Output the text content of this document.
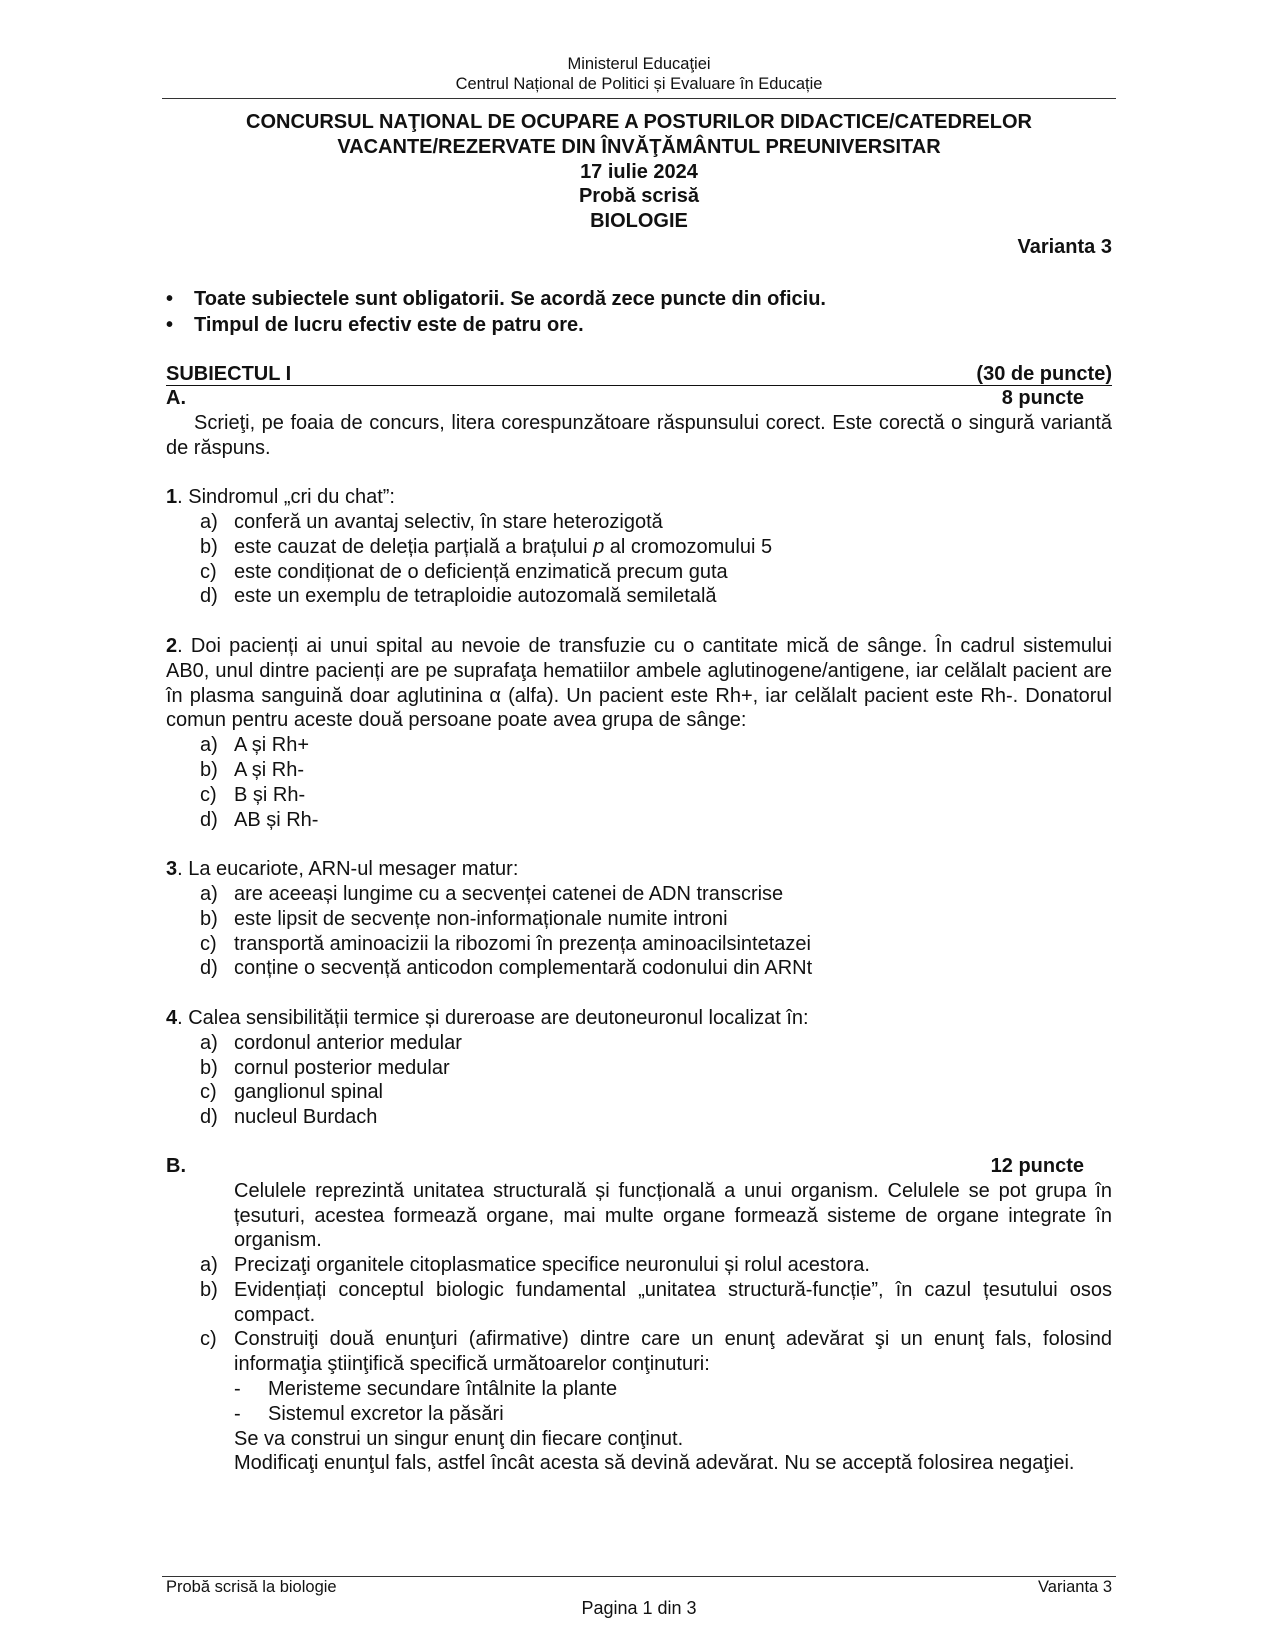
Ministerul Educaţiei
Centrul Național de Politici și Evaluare în Educație
CONCURSUL NAŢIONAL DE OCUPARE A POSTURILOR DIDACTICE/CATEDRELOR
VACANTE/REZERVATE DIN ÎNVĂŢĂMÂNTUL PREUNIVERSITAR
17 iulie 2024
Probă scrisă
BIOLOGIE
Varianta 3
• Toate subiectele sunt obligatorii. Se acordă zece puncte din oficiu.
• Timpul de lucru efectiv este de patru ore.
SUBIECTUL I	(30 de puncte)
A.	8 puncte
Scrieţi, pe foaia de concurs, litera corespunzătoare răspunsului corect. Este corectă o singură variantă de răspuns.
1. Sindromul „cri du chat”:
a) conferă un avantaj selectiv, în stare heterozigotă
b) este cauzat de deleția parțială a brațului p al cromozomului 5
c) este condiționat de o deficiență enzimatică precum guta
d) este un exemplu de tetraploidie autozomală semiletală
2. Doi pacienți ai unui spital au nevoie de transfuzie cu o cantitate mică de sânge. În cadrul sistemului AB0, unul dintre pacienți are pe suprafaţa hematiilor ambele aglutinogene/antigene, iar celălalt pacient are în plasma sanguină doar aglutinina α (alfa). Un pacient este Rh+, iar celălalt pacient este Rh-. Donatorul comun pentru aceste două persoane poate avea grupa de sânge:
a) A și Rh+
b) A și Rh-
c) B și Rh-
d) AB și Rh-
3. La eucariote, ARN-ul mesager matur:
a) are aceeași lungime cu a secvenței catenei de ADN transcrise
b) este lipsit de secvențe non-informaționale numite introni
c) transportă aminoacizii la ribozomi în prezența aminoacilsintetazei
d) conține o secvență anticodon complementară codonului din ARNt
4. Calea sensibilității termice și dureroase are deutoneuronul localizat în:
a) cordonul anterior medular
b) cornul posterior medular
c) ganglionul spinal
d) nucleul Burdach
B.	12 puncte
Celulele reprezintă unitatea structurală și funcțională a unui organism. Celulele se pot grupa în țesuturi, acestea formează organe, mai multe organe formează sisteme de organe integrate în organism.
a) Precizaţi organitele citoplasmatice specifice neuronului și rolul acestora.
b) Evidențiați conceptul biologic fundamental „unitatea structură-funcție”, în cazul țesutului osos compact.
c) Construiţi două enunţuri (afirmative) dintre care un enunţ adevărat şi un enunţ fals, folosind informaţia ştiinţifică specifică următoarelor conţinuturi:
-	Meristeme secundare întâlnite la plante
-	Sistemul excretor la păsări
Se va construi un singur enunţ din fiecare conţinut.
Modificaţi enunţul fals, astfel încât acesta să devină adevărat. Nu se acceptă folosirea negaţiei.
Probă scrisă la biologie	Varianta 3
Pagina 1 din 3
